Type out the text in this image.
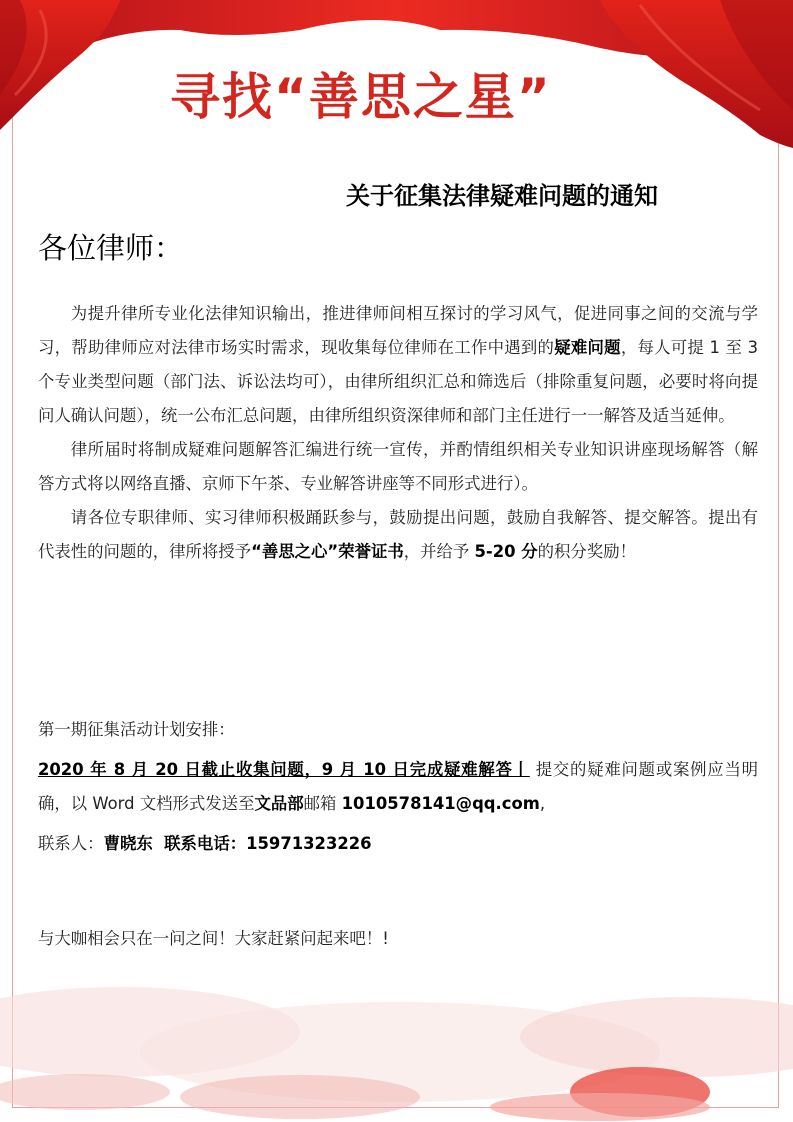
寻找“善思之星”
关于征集法律疑难问题的通知
各位律师：

为提升律所专业化法律知识输出，推进律师间相互探讨的学习风气，促进同事之间的交流与学习，帮助律师应对法律市场实时需求，现收集每位律师在工作中遇到的疑难问题，每人可提 1 至 3 个专业类型问题（部门法、诉讼法均可），由律所组织汇总和筛选后（排除重复问题，必要时将向提问人确认问题），统一公布汇总问题，由律所组织资深律师和部门主任进行一一解答及适当延伸。

律所届时将制成疑难问题解答汇编进行统一宣传，并酌情组织相关专业知识讲座现场解答（解答方式将以网络直播、京师下午茶、专业解答讲座等不同形式进行）。

请各位专职律师、实习律师积极踊跃参与，鼓励提出问题，鼓励自我解答、提交解答。提出有代表性的问题的，律所将授予“善思之心”荣誉证书，并给予 5-20 分的积分奖励！

第一期征集活动计划安排：

2020 年 8 月 20 日截止收集问题，9 月 10 日完成疑难解答丨 提交的疑难问题或案例应当明确，以 Word 文档形式发送至文品部邮箱 1010578141@qq.com,

联系人：曹晓东  联系电话：15971323226

与大咖相会只在一问之间！大家赶紧问起来吧！!
